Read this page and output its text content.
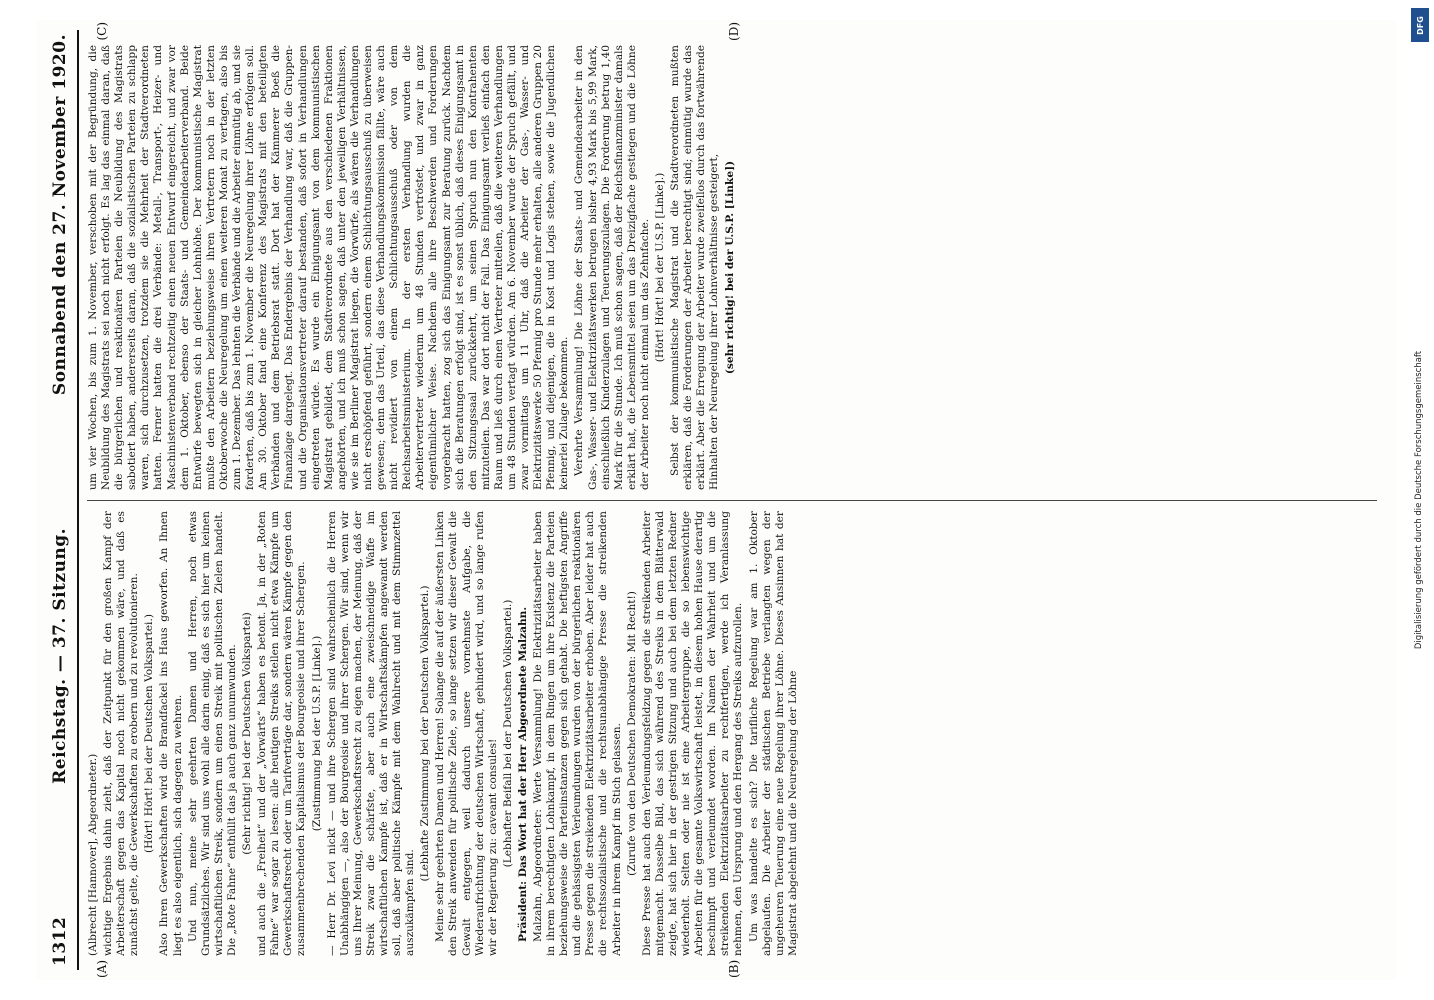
1312
Reichstag. — 37. Sitzung.
Sonnabend den 27. November 1920.
(A)	(B)
(C)	(D)

(Albrecht [Hannover], Abgeordneter.) wichtige Ergebnis dahin zieht, daß der Zeitpunkt für den großen Kampf der Arbeiterschaft gegen das Kapital noch nicht gekommen wäre, und daß es zunächst gelte, die Gewerkschaften zu erobern und zu revolutionieren. (Hört! Hört! bei der Deutschen Volkspartei.) Also Ihren Gewerkschaften wird die Brandfackel ins Haus geworfen. An Ihnen liegt es also eigentlich, sich dagegen zu wehren. Und nun, meine sehr geehrten Damen und Herren, noch etwas Grundsätzliches. Wir sind uns wohl alle darin einig, daß es sich hier um keinen wirtschaftlichen Streik, sondern um einen Streik mit politischen Zielen handelt. Die „Rote Fahne“ enthüllt das ja auch ganz unumwunden. (Sehr richtig! bei der Deutschen Volkspartei) und auch die „Freiheit“ und der „Vorwärts“ haben es betont. Ja, in der „Roten Fahne“ war sogar zu lesen: alle heutigen Streiks stellen nicht etwa Kämpfe um Gewerkschaftsrecht oder um Tarifverträge dar, sondern wären Kämpfe gegen den zusammenbrechenden Kapitalismus der Bourgeoisie und ihrer Schergen. (Zustimmung bei der U.S.P. [Linke].) — Herr Dr. Levi nickt — und ihre Schergen sind wahrscheinlich die Herren Unabhängigen —, also der Bourgeoisie und ihrer Schergen. Wir sind, wenn wir uns Ihrer Meinung, Gewerkschaftsrecht zu eigen machen, der Meinung, daß der Streik zwar die schärfste, aber auch eine zweischneidige Waffe im wirtschaftlichen Kampfe ist, daß er in Wirtschaftskämpfen angewandt werden soll, daß aber politische Kämpfe mit dem Wahlrecht und mit dem Stimmzettel auszukämpfen sind.

(Lebhafte Zustimmung bei der Deutschen Volkspartei.) Meine sehr geehrten Damen und Herren! Solange die auf der äußersten Linken den Streik anwenden für politische Ziele, so lange setzen wir dieser Gewalt die Gewalt entgegen, weil dadurch unsere vornehmste Aufgabe, die Wiederaufrichtung der deutschen Wirtschaft, gehindert wird, und so lange rufen wir der Regierung zu: caveant consules! (Lebhafter Beifall bei der Deutschen Volkspartei.) Präsident: Das Wort hat der Herr Abgeordnete Malzahn. Malzahn, Abgeordneter: Werte Versammlung! Die Elektrizitätsarbeiter haben in ihrem berechtigten Lohnkampf, in dem Ringen um ihre Existenz die Parteien beziehungsweise die Parteiinstanzen gegen sich gehabt. Die heftigsten Angriffe und die gehässigsten Verleumdungen wurden von der bürgerlichen reaktionären Presse gegen die streikenden Elektrizitätsarbeiter erhoben. Aber leider hat auch die rechtssozialistische und die rechtsunabhängige Presse die streikenden Arbeiter in ihrem Kampf im Stich gelassen. (Zurufe von den Deutschen Demokraten: Mit Recht!) Diese Presse hat auch den Verleumdungsfeldzug gegen die streikenden Arbeiter mitgemacht. Dasselbe Bild, das sich während des Streiks in dem Blätterwald zeigte, hat sich hier in der gestrigen Sitzung und auch bei dem letzten Redner wiederholt. Selten oder nie ist eine Arbeitergruppe, die so lebenswichtige Arbeiten für die gesamte Volkswirtschaft leistet, in diesem hohen Hause derartig beschimpft und verleumdet worden. Im Namen der Wahrheit und um die streikenden Elektrizitätsarbeiter zu rechtfertigen, werde ich Veranlassung nehmen, den Ursprung und den Hergang des Streiks aufzurollen. Um was handelte es sich? Die tarifliche Regelung war am 1. Oktober abgelaufen. Die Arbeiter der städtischen Betriebe verlangten wegen der ungeheuren Teuerung eine neue Regelung ihrer Löhne. Dieses Ansinnen hat der Magistrat abgelehnt und die Neuregelung der Löhne

um vier Wochen, bis zum 1. November, verschoben mit der Begründung, die Neubildung des Magistrats sei noch nicht erfolgt. Es lag das einmal daran, daß die bürgerlichen und reaktionären Parteien die Neubildung des Magistrats sabotiert haben, andererseits daran, daß die sozialistischen Parteien zu schlapp waren, sich durchzusetzen, trotzdem sie die Mehrheit der Stadtverordneten hatten. Ferner hatten die drei Verbände: Metall-, Transport-, Heizer- und Maschinistenverband rechtzeitig einen neuen Entwurf eingereicht, und zwar vor dem 1. Oktober, ebenso der Staats- und Gemeindearbeiterverband. Beide Entwürfe bewegten sich in gleicher Lohnhöhe. Der kommunistische Magistrat mußte den Arbeitern beziehungsweise ihren Vertretern noch in der letzten Oktoberwoche die Neuregelung um einen weiteren Monat zu vertagen, also bis zum 1. Dezember. Das lehnten die Verbände und die Arbeiter einmütig ab, und sie forderten, daß bis zum 1. November die Neuregelung ihrer Löhne erfolgen soll. Am 30. Oktober fand eine Konferenz des Magistrats mit den beteiligten Verbänden und dem Betriebsrat statt. Dort hat der Kämmerer Boeß die Finanzlage dargelegt. Das Endergebnis der Verhandlung war, daß die Gruppen- und die Organisationsvertreter darauf bestanden, daß sofort in Verhandlungen eingetreten würde. Es wurde ein Einigungsamt von dem kommunistischen Magistrat gebildet, dem Stadtverordnete aus den verschiedenen Fraktionen angehörten, und ich muß schon sagen, daß unter den jeweiligen Verhältnissen, wie sie im Berliner Magistrat liegen, die Vorwürfe, als wären die Verhandlungen nicht erschöpfend geführt, sondern einem Schlichtungsausschuß zu überweisen gewesen; denn das Urteil, das diese Verhandlungskommission fällte, wäre auch nicht revidiert von einem Schlichtungsausschuß oder von dem Reichsarbeitsministerium. In der ersten Verhandlung wurden die Arbeitervertreter wiederum um 48 Stunden vertröstet, und zwar in ganz eigentümlicher Weise. Nachdem alle ihre Beschwerden und Forderungen vorgebracht hatten, zog sich das Einigungsamt zur Beratung zurück. Nachdem sich die Beratungen erfolgt sind, ist es sonst üblich, daß dieses Einigungsamt in den Sitzungssaal zurückkehrt, um seinen Spruch nun den Kontrahenten mitzuteilen. Das war dort nicht der Fall. Das Einigungsamt verließ einfach den Raum und ließ durch einen Vertreter mitteilen, daß die weiteren Verhandlungen um 48 Stunden vertagt würden. Am 6. November wurde der Spruch gefällt, und zwar vormittags um 11 Uhr, daß die Arbeiter der Gas-, Wasser- und Elektrizitätswerke 50 Pfennig pro Stunde mehr erhalten, alle anderen Gruppen 20 Pfennig, und diejenigen, die in Kost und Logis stehen, sowie die Jugendlichen keinerlei Zulage bekommen. Verehrte Versammlung! Die Löhne der Staats- und Gemeindearbeiter in den Gas-, Wasser- und Elektrizitätswerken betrugen bisher 4,93 Mark bis 5,99 Mark, einschließlich Kinderzulagen und Teuerungszulagen. Die Forderung betrug 1,40 Mark für die Stunde. Ich muß schon sagen, daß der Reichsfinanzminister damals erklärt hat, die Lebensmittel seien um das Dreizigfache gestiegen und die Löhne der Arbeiter noch nicht einmal um das Zehnfache. (Hört! Hört! bei der U.S.P. [Linke].) Selbst der kommunistische Magistrat und die Stadtverordneten mußten erklären, daß die Forderungen der Arbeiter berechtigt sind; einmütig wurde das erklärt. Aber die Erregung der Arbeiter wurde zweifellos durch das fortwährende Hinhalten der Neuregelung ihrer Lohnverhältnisse gesteigert, (sehr richtig! bei der U.S.P. [Linke])

DFG
Digitalisierung gefördert durch die Deutsche Forschungsgemeinschaft
